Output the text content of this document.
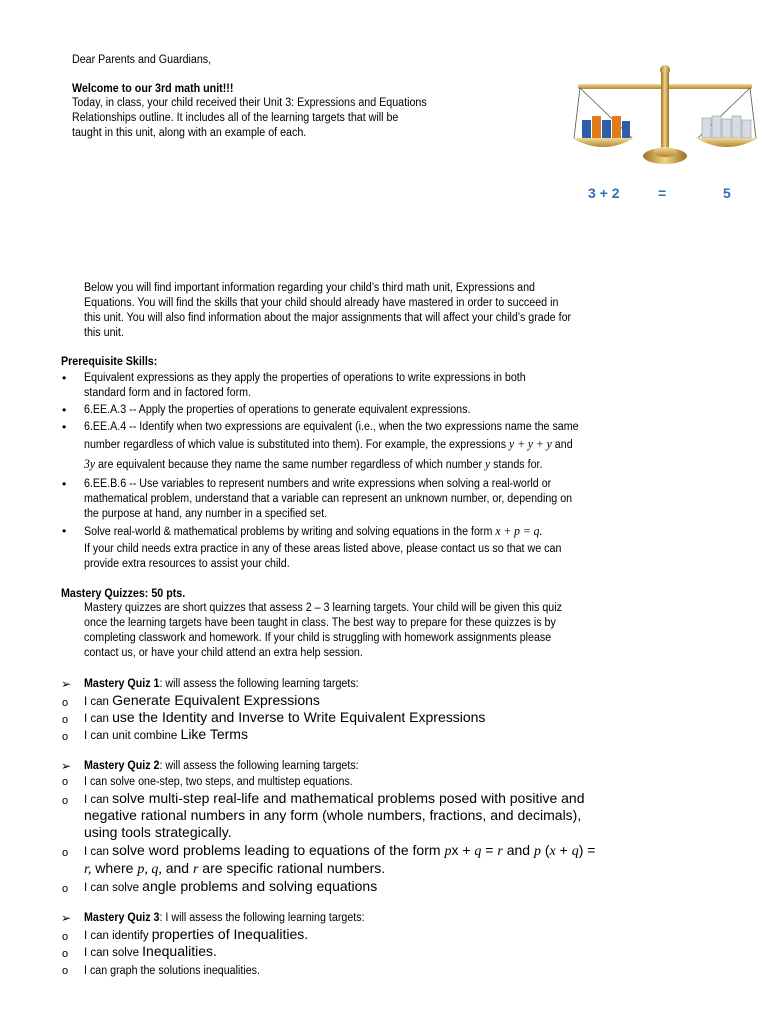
Dear Parents and Guardians,
Welcome to our 3rd math unit!!!
Today, in class, your child received their Unit 3: Expressions and Equations
Relationships outline. It includes all of the learning targets that will be
taught in this unit, along with an example of each.
3 + 2	=	5
Below you will find important information regarding your child’s third math unit, Expressions and
Equations. You will find the skills that your child should already have mastered in order to succeed in
this unit. You will also find information about the major assignments that will affect your child’s grade for
this unit.
Prerequisite Skills:
• Equivalent expressions as they apply the properties of operations to write expressions in both
standard form and in factored form.
• 6.EE.A.3 -- Apply the properties of operations to generate equivalent expressions.
• 6.EE.A.4 -- Identify when two expressions are equivalent (i.e., when the two expressions name the same
number regardless of which value is substituted into them). For example, the expressions y + y + y and
3y are equivalent because they name the same number regardless of which number y stands for.
• 6.EE.B.6 -- Use variables to represent numbers and write expressions when solving a real-world or
mathematical problem, understand that a variable can represent an unknown number, or, depending on
the purpose at hand, any number in a specified set.
• Solve real-world & mathematical problems by writing and solving equations in the form x + p = q.
If your child needs extra practice in any of these areas listed above, please contact us so that we can
provide extra resources to assist your child.
Mastery Quizzes: 50 pts.
Mastery quizzes are short quizzes that assess 2 – 3 learning targets. Your child will be given this quiz
once the learning targets have been taught in class. The best way to prepare for these quizzes is by
completing classwork and homework. If your child is struggling with homework assignments please
contact us, or have your child attend an extra help session.
➢ Mastery Quiz 1: will assess the following learning targets:
o I can Generate Equivalent Expressions
o I can use the Identity and Inverse to Write Equivalent Expressions
o I can unit combine Like Terms
➢ Mastery Quiz 2: will assess the following learning targets:
o I can solve one-step, two steps, and multistep equations.
o I can solve multi-step real-life and mathematical problems posed with positive and
negative rational numbers in any form (whole numbers, fractions, and decimals),
using tools strategically.
o I can solve word problems leading to equations of the form px + q = r and p (x + q) =
r, where p, q, and r are specific rational numbers.
o I can solve angle problems and solving equations
➢ Mastery Quiz 3: I will assess the following learning targets:
o I can identify properties of Inequalities.
o I can solve Inequalities.
o I can graph the solutions inequalities.
